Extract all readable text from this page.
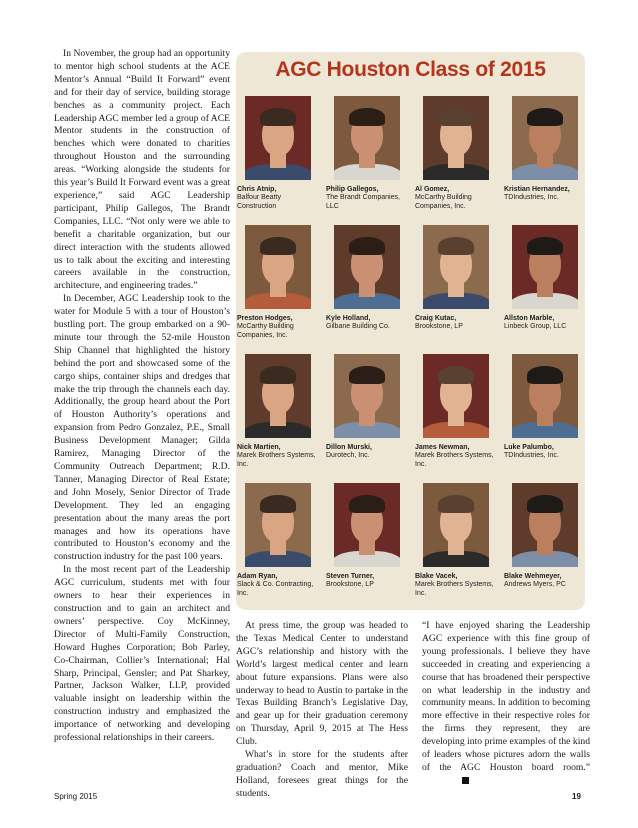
In November, the group had an opportunity to mentor high school students at the ACE Mentor’s Annual “Build It Forward” event and for their day of service, building storage benches as a community project. Each Leadership AGC member led a group of ACE Mentor students in the construction of benches which were donated to charities throughout Houston and the surrounding areas. “Working alongside the students for this year’s Build It Forward event was a great experience,” said AGC Leadership participant, Philip Gallegos, The Brandt Companies, LLC. “Not only were we able to benefit a charitable organization, but our direct interaction with the students allowed us to talk about the exciting and interesting careers available in the construction, architecture, and engineering trades.”

In December, AGC Leadership took to the water for Module 5 with a tour of Houston’s bustling port. The group embarked on a 90-minute tour through the 52-mile Houston Ship Channel that highlighted the history behind the port and showcased some of the cargo ships, container ships and dredges that make the trip through the channels each day. Additionally, the group heard about the Port of Houston Authority’s operations and expansion from Pedro Gonzalez, P.E., Small Business Development Manager; Gilda Ramirez, Managing Director of the Community Outreach Department; R.D. Tanner, Managing Director of Real Estate; and John Mosely, Senior Director of Trade Development. They led an engaging presentation about the many areas the port manages and how its operations have contributed to Houston’s economy and the construction industry for the past 100 years.

In the most recent part of the Leadership AGC curriculum, students met with four owners to hear their experiences in construction and to gain an architect and owners’ perspective. Coy McKinney, Director of Multi-Family Construction, Howard Hughes Corporation; Bob Parley, Co-Chairman, Collier’s International; Hal Sharp, Principal, Gensler; and Pat Sharkey, Partner, Jackson Walker, LLP, provided valuable insight on leadership within the construction industry and emphasized the importance of networking and developing professional relationships in their careers.

AGC Houston Class of 2015
Chris Atnip,
Balfour Beatty Construction
Philip Gallegos,
The Brandt Companies, LLC
Al Gomez,
McCarthy Building Companies, Inc.
Kristian Hernandez,
TDIndustries, Inc.
Preston Hodges,
McCarthy Building Companies, Inc.
Kyle Holland,
Gilbane Building Co.
Craig Kutac,
Brookstone, LP
Allston Marble,
Linbeck Group, LLC
Nick Martien,
Marek Brothers Systems, Inc.
Dillon Murski,
Durotech, Inc.
James Newman,
Marek Brothers Systems, Inc.
Luke Palumbo,
TDIndustries, Inc.
Adam Ryan,
Slack & Co. Contracting, Inc.
Steven Turner,
Brookstone, LP
Blake Vacek,
Marek Brothers Systems, Inc.
Blake Wehmeyer,
Andrews Myers, PC

At press time, the group was headed to the Texas Medical Center to understand AGC’s relationship and history with the World’s largest medical center and learn about future expansions. Plans were also underway to head to Austin to partake in the Texas Building Branch’s Legislative Day, and gear up for their graduation ceremony on Thursday, April 9, 2015 at The Hess Club.

What’s in store for the students after graduation? Coach and mentor, Mike Holland, foresees great things for the students.

“I have enjoyed sharing the Leadership AGC experience with this fine group of young professionals. I believe they have succeeded in creating and experiencing a course that has broadened their perspective on what leadership in the industry and community means. In addition to becoming more effective in their respective roles for the firms they represent, they are developing into prime examples of the kind of leaders whose pictures adorn the walls of the AGC Houston board room.”

Spring 2015	19
